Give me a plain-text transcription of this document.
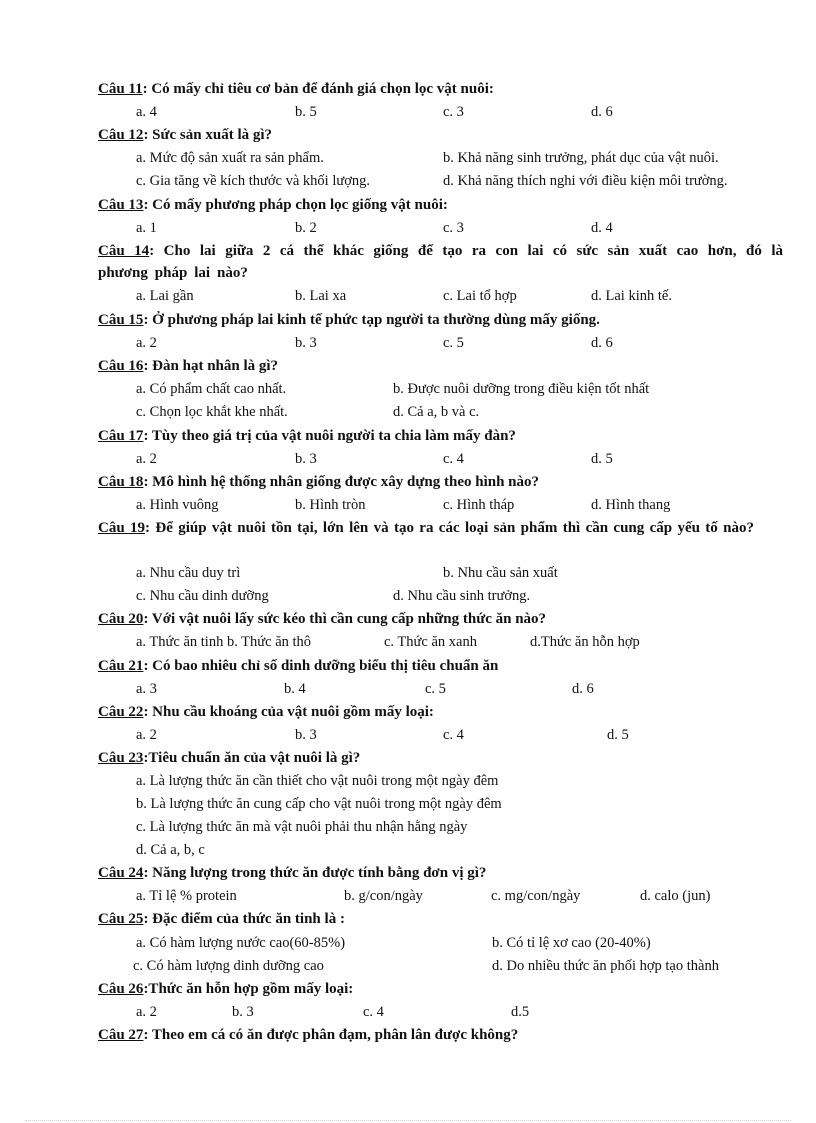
Câu 11: Có mấy chỉ tiêu cơ bản để đánh giá chọn lọc vật nuôi:
a. 4	b. 5	c. 3	d. 6
Câu 12: Sức sản xuất là gì?
a. Mức độ sản xuất ra sản phẩm.	b. Khả năng sinh trưởng, phát dục của vật nuôi.
c. Gia tăng về kích thước và khối lượng.	d. Khả năng thích nghi với điều kiện môi trường.
Câu 13: Có mấy phương pháp chọn lọc giống vật nuôi:
a. 1	b. 2	c. 3	d. 4
Câu 14: Cho lai giữa 2 cá thể khác giống để tạo ra con lai có sức sản xuất cao hơn, đó là phương pháp lai nào?
a. Lai gần	b. Lai xa	c. Lai tổ hợp	d. Lai kinh tế.
Câu 15: Ở phương pháp lai kinh tế phức tạp người ta thường dùng mấy giống.
a. 2	b. 3	c. 5	d. 6
Câu 16: Đàn hạt nhân là gì?
a. Có phẩm chất cao nhất.	b. Được nuôi dưỡng trong điều kiện tốt nhất
c. Chọn lọc khắt khe nhất.	d. Cả a, b và c.
Câu 17: Tùy theo giá trị của vật nuôi người ta chia làm mấy đàn?
a. 2	b. 3	c. 4	d. 5
Câu 18: Mô hình hệ thống nhân giống được xây dựng theo hình nào?
a. Hình vuông	b. Hình tròn	c. Hình tháp	d. Hình thang
Câu 19: Để giúp vật nuôi tồn tại, lớn lên và tạo ra các loại sản phẩm thì cần cung cấp yếu tố nào?
a. Nhu cầu duy trì	b. Nhu cầu sản xuất
c. Nhu cầu dinh dưỡng	d. Nhu cầu sinh trưởng.
Câu 20: Với vật nuôi lấy sức kéo thì cần cung cấp những thức ăn nào?
a. Thức ăn tinh b. Thức ăn thô	c. Thức ăn xanh	d.Thức ăn hỗn hợp
Câu 21: Có bao nhiêu chỉ số dinh dưỡng biểu thị tiêu chuẩn ăn
a. 3	b. 4	c. 5	d. 6
Câu 22: Nhu cầu khoáng của vật nuôi gồm mấy loại:
a. 2	b. 3	c. 4	d. 5
Câu 23:Tiêu chuẩn ăn của vật nuôi là gì?
a. Là lượng thức ăn cần thiết cho vật nuôi trong một ngày đêm
b. Là lượng thức ăn cung cấp cho vật nuôi trong một ngày đêm
c. Là lượng thức ăn mà vật nuôi phải thu nhận hằng ngày
d. Cả a, b, c
Câu 24: Năng lượng trong thức ăn được tính bằng đơn vị gì?
a. Tỉ lệ % protein	b. g/con/ngày	c. mg/con/ngày	d. calo (jun)
Câu 25: Đặc điểm của thức ăn tinh là :
a. Có hàm lượng nước cao(60-85%)	b. Có tỉ lệ xơ cao (20-40%)
c. Có hàm lượng dinh dưỡng cao	d. Do nhiều thức ăn phối hợp tạo thành
Câu 26:Thức ăn hỗn hợp gồm mấy loại:
a. 2	b. 3	c. 4	d.5
Câu 27: Theo em cá có ăn được phân đạm, phân lân được không?
